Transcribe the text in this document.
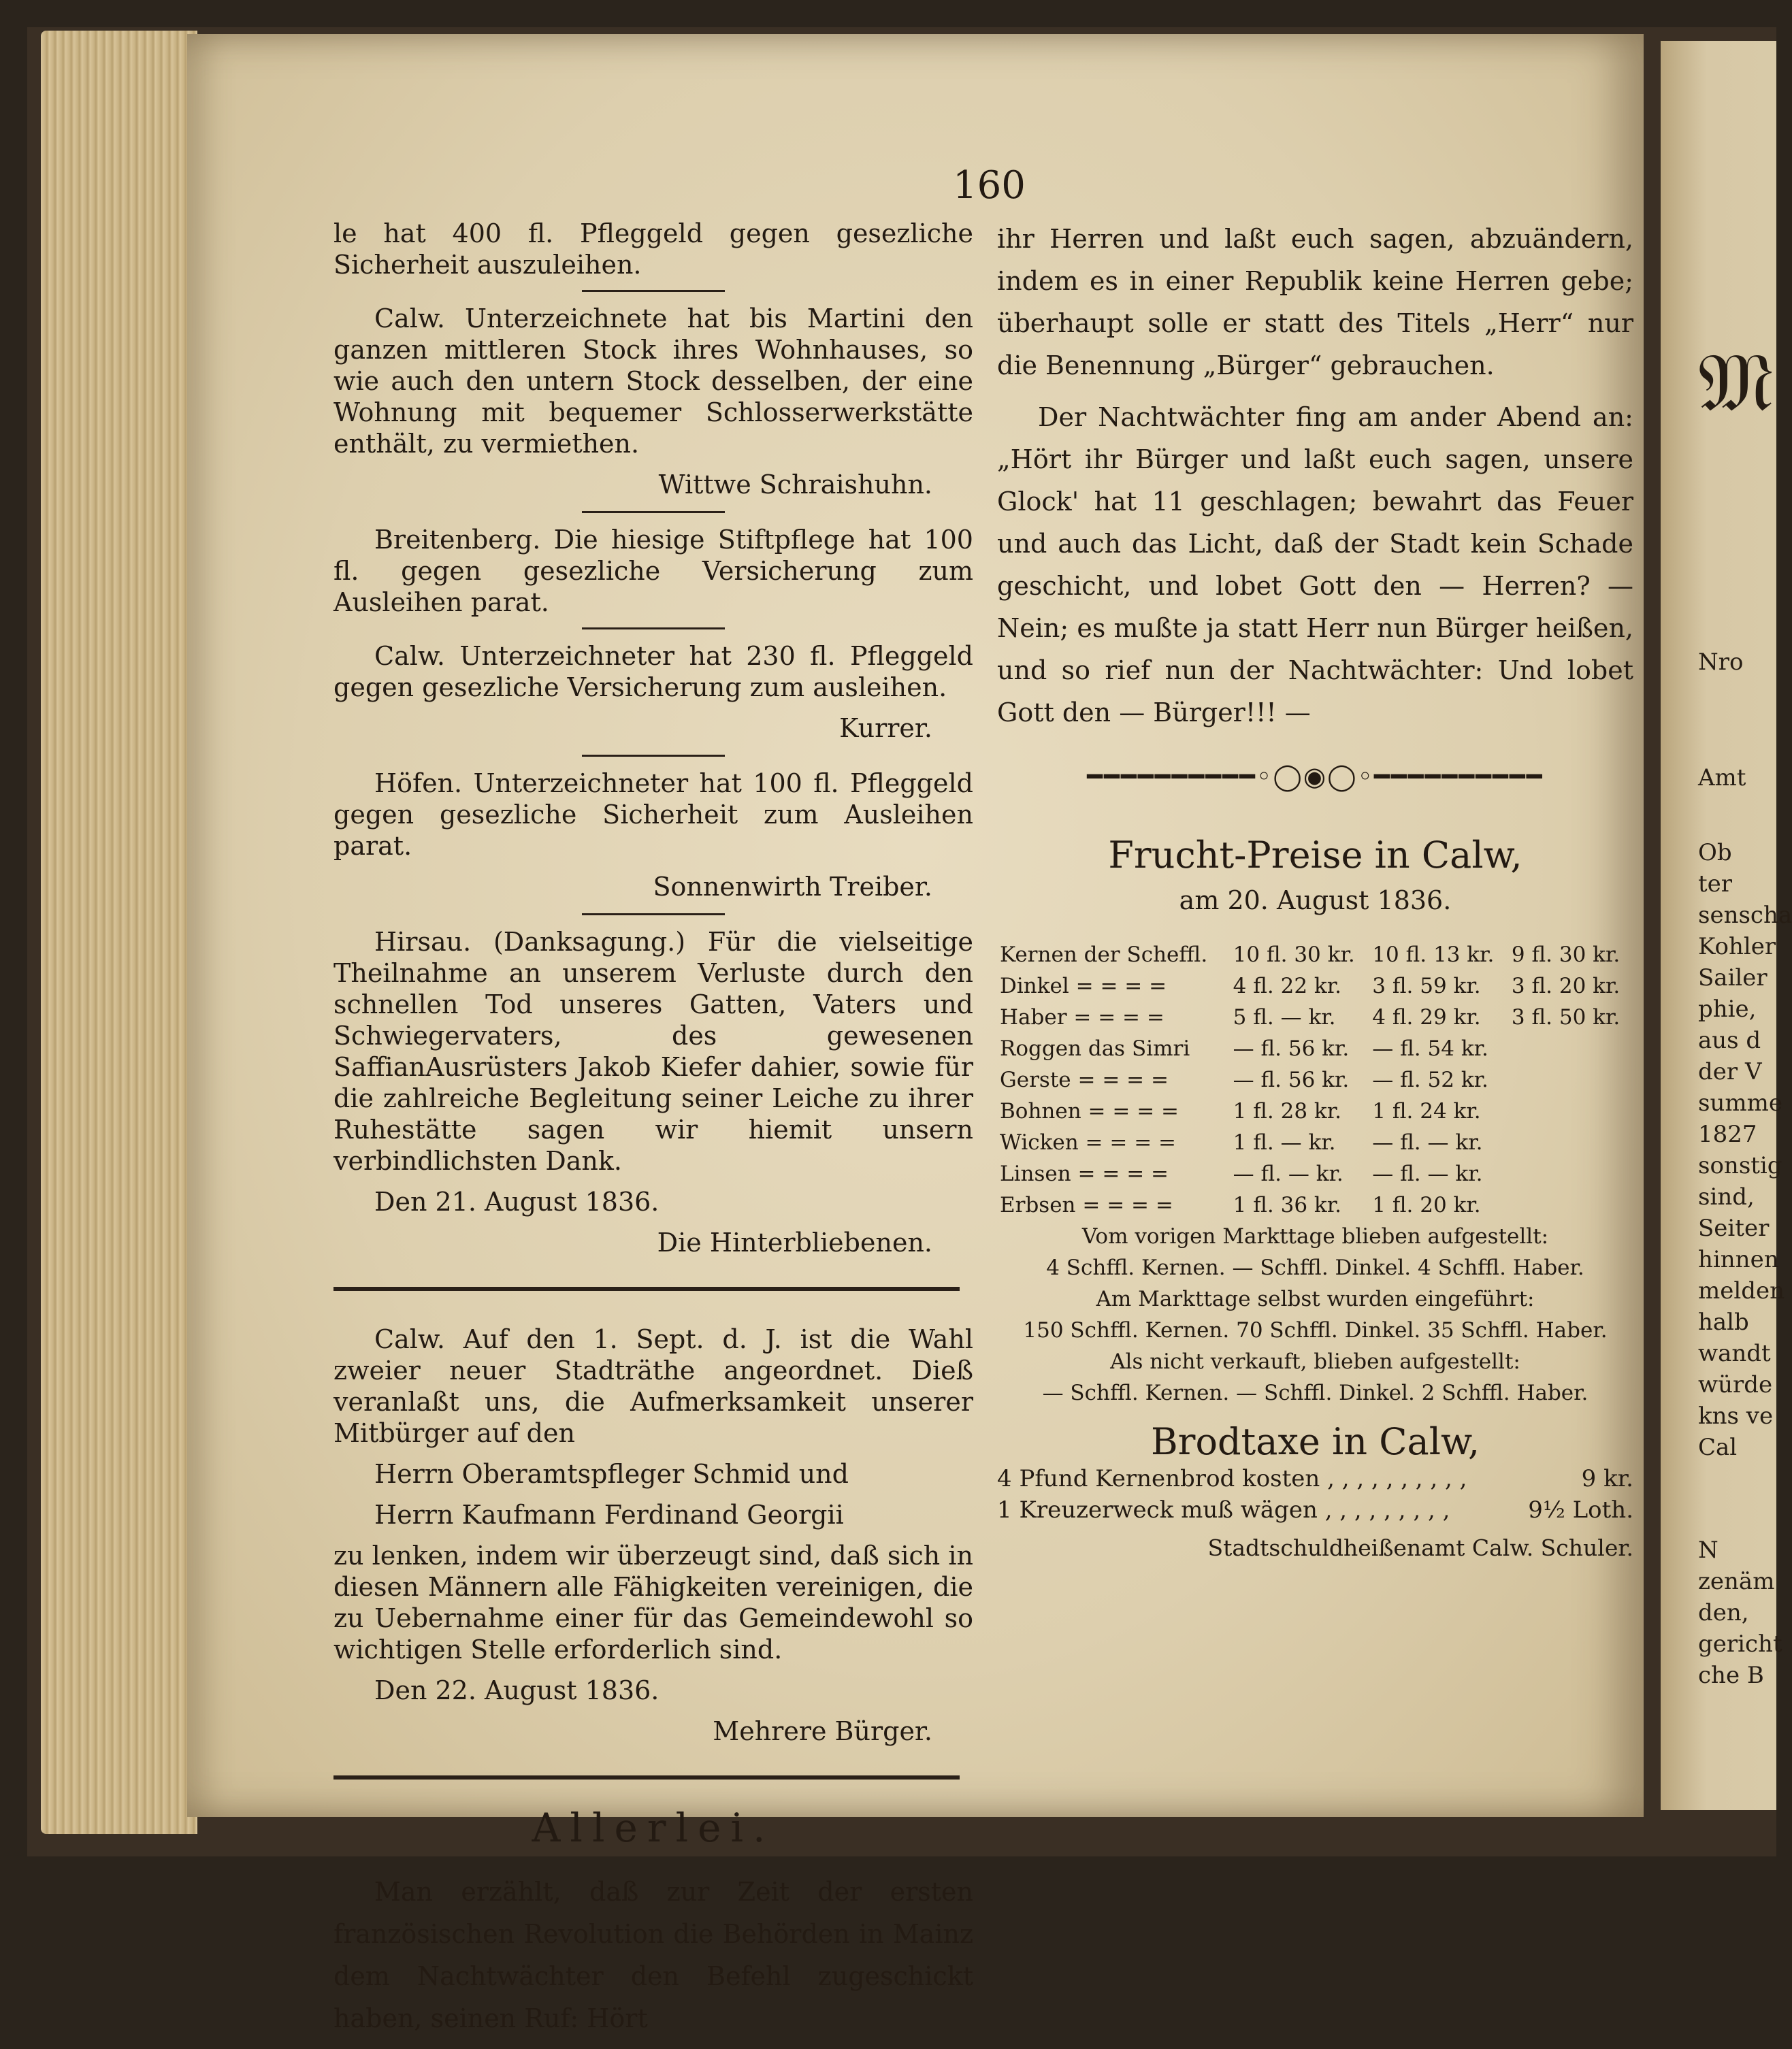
160

le hat 400 fl. Pfleggeld gegen gesezliche Sicherheit auszuleihen.

Calw. Unterzeichnete hat bis Martini den ganzen mittleren Stock ihres Wohnhauses, so wie auch den untern Stock desselben, der eine Wohnung mit bequemer Schlosserwerkstätte enthält, zu vermiethen.

Wittwe Schraishuhn.

Breitenberg. Die hiesige Stiftpflege hat 100 fl. gegen gesezliche Versicherung zum Ausleihen parat.

Calw. Unterzeichneter hat 230 fl. Pfleggeld gegen gesezliche Versicherung zum ausleihen.

Kurrer.

Höfen. Unterzeichneter hat 100 fl. Pfleggeld gegen gesezliche Sicherheit zum Ausleihen parat.

Sonnenwirth Treiber.

Hirsau. (Danksagung.) Für die vielseitige Theilnahme an unserem Verluste durch den schnellen Tod unseres Gatten, Vaters und Schwiegervaters, des gewesenen SaffianAusrüsters Jakob Kiefer dahier, sowie für die zahlreiche Begleitung seiner Leiche zu ihrer Ruhestätte sagen wir hiemit unsern verbindlichsten Dank.

Den 21. August 1836.

Die Hinterbliebenen.

Calw. Auf den 1. Sept. d. J. ist die Wahl zweier neuer Stadträthe angeordnet. Dieß veranlaßt uns, die Aufmerksamkeit unserer Mitbürger auf den

Herrn Oberamtspfleger Schmid und

Herrn Kaufmann Ferdinand Georgii

zu lenken, indem wir überzeugt sind, daß sich in diesen Männern alle Fähigkeiten vereinigen, die zu Uebernahme einer für das Gemeindewohl so wichtigen Stelle erforderlich sind.

Den 22. August 1836.

Mehrere Bürger.

Allerlei.

Man erzählt, daß zur Zeit der ersten französischen Revolution die Behörden in Mainz dem Nachtwächter den Befehl zugeschickt haben, seinen Ruf: Hört

ihr Herren und laßt euch sagen, abzuändern, indem es in einer Republik keine Herren gebe; überhaupt solle er statt des Titels „Herr“ nur die Benennung „Bürger“ gebrauchen.

Der Nachtwächter fing am ander Abend an: „Hört ihr Bürger und laßt euch sagen, unsere Glock' hat 11 geschlagen; bewahrt das Feuer und auch das Licht, daß der Stadt kein Schade geschicht, und lobet Gott den — Herren? — Nein; es mußte ja statt Herr nun Bürger heißen, und so rief nun der Nachtwächter: Und lobet Gott den — Bürger!!! —

━━━━━━━━━━◦◯◉◯◦━━━━━━━━━━
Frucht-Preise in Calw,
am 20. August 1836.
Kernen der Scheffl.	10 fl. 30 kr.	10 fl. 13 kr.	9 fl. 30 kr.
Dinkel = = = =	4 fl. 22 kr.	3 fl. 59 kr.	3 fl. 20 kr.
Haber = = = =	5 fl. — kr.	4 fl. 29 kr.	3 fl. 50 kr.
Roggen das Simri	— fl. 56 kr.	— fl. 54 kr.	
Gerste = = = =	— fl. 56 kr.	— fl. 52 kr.	
Bohnen = = = =	1 fl. 28 kr.	1 fl. 24 kr.	
Wicken = = = =	1 fl. — kr.	— fl. — kr.	
Linsen = = = =	— fl. — kr.	— fl. — kr.	
Erbsen = = = =	1 fl. 36 kr.	1 fl. 20 kr.	
Vom vorigen Markttage blieben aufgestellt:
4 Schffl. Kernen. — Schffl. Dinkel. 4 Schffl. Haber.
Am Markttage selbst wurden eingeführt:
150 Schffl. Kernen. 70 Schffl. Dinkel. 35 Schffl. Haber.
Als nicht verkauft, blieben aufgestellt:
— Schffl. Kernen. — Schffl. Dinkel. 2 Schffl. Haber.
Brodtaxe in Calw,
4 Pfund Kernenbrod kosten , , , , , , , , , ,	9 kr.
1 Kreuzerweck muß wägen , , , , , , , , ,	9½ Loth.
Stadtschuldheißenamt Calw. Schuler.
𝔐
Nro
Amt
Ob
ter
senscha
Kohler
Sailer
phie,
aus d
der V
summe
1827
sonstig
sind,
Seiter
hinnen
melden
halb
wandt
würde
kns ve
Cal
N
zenäm
den,
gericht
che B
